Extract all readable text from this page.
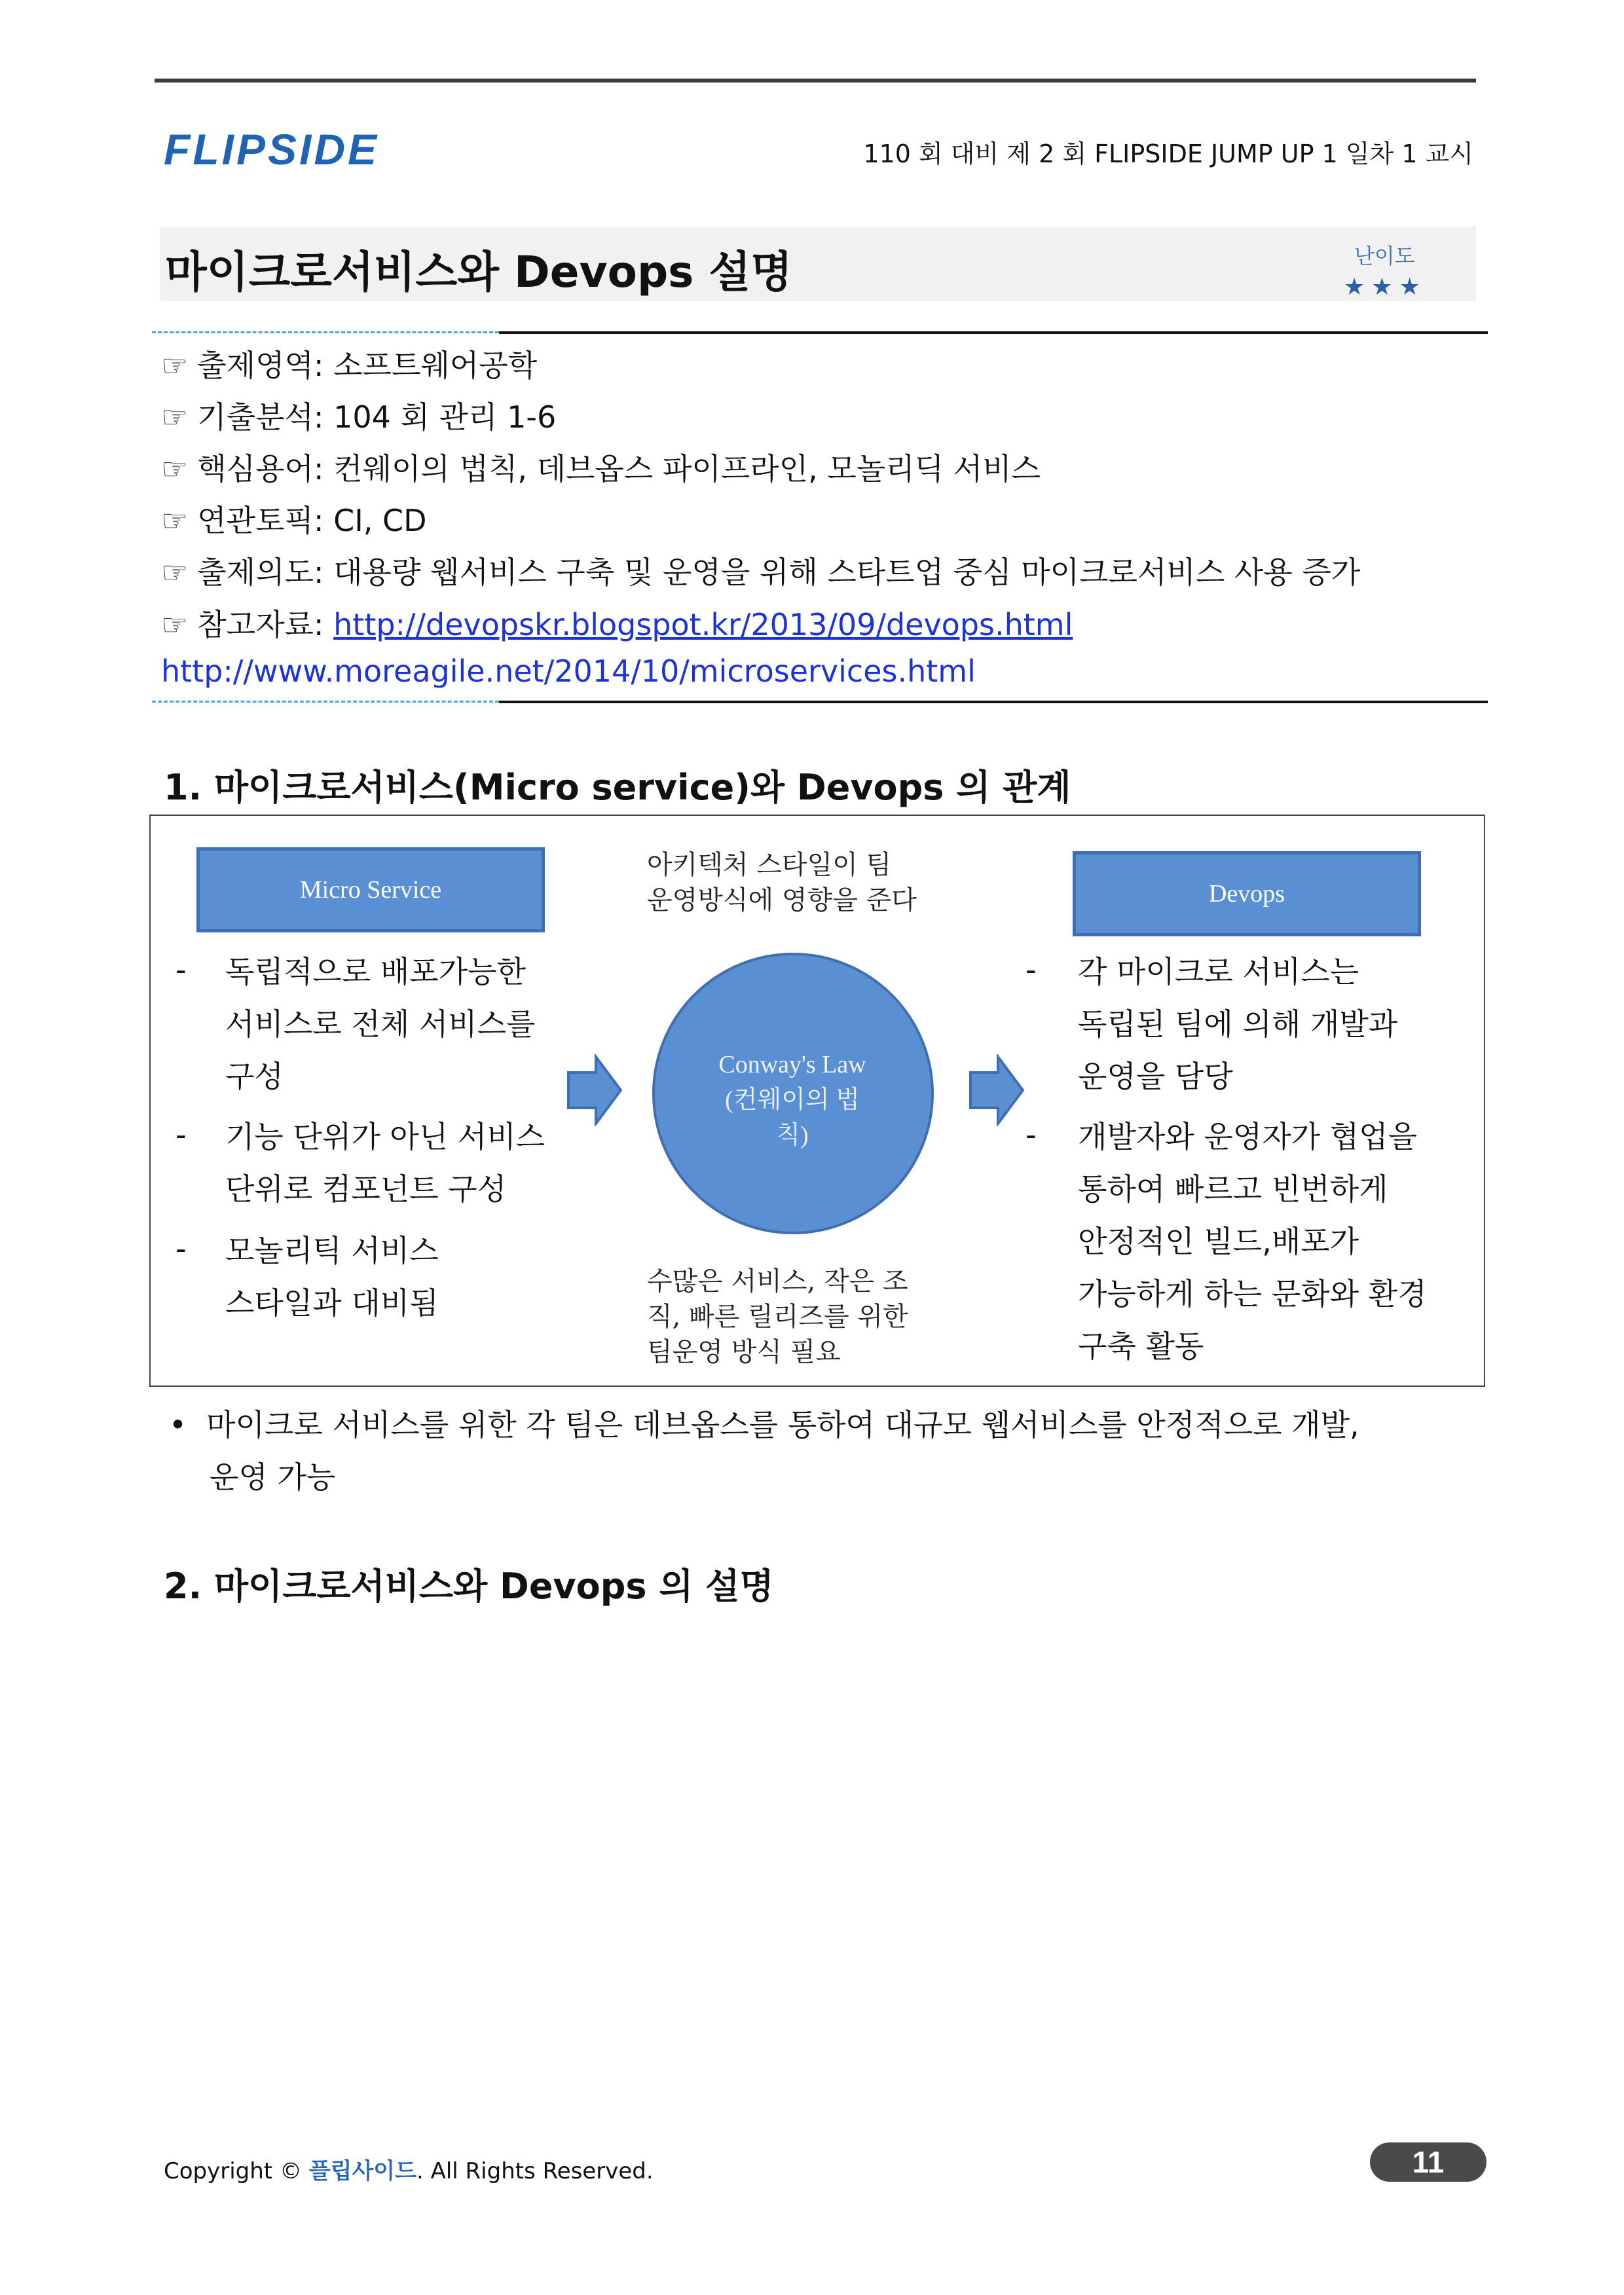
FLIPSIDE	110 회 대비 제 2 회 FLIPSIDE JUMP UP 1 일차 1 교시
마이크로서비스와 Devops 설명	난이도
★★★
☞ 출제영역: 소프트웨어공학
☞ 기출분석: 104 회 관리 1-6
☞ 핵심용어: 컨웨이의 법칙, 데브옵스 파이프라인, 모놀리딕 서비스
☞ 연관토픽: CI, CD
☞ 출제의도: 대용량 웹서비스 구축 및 운영을 위해 스타트업 중심 마이크로서비스 사용 증가
☞ 참고자료: http://devopskr.blogspot.kr/2013/09/devops.html
http://www.moreagile.net/2014/10/microservices.html
1. 마이크로서비스(Micro service)와 Devops 의 관계
Micro Service	Devops
아키텍처 스타일이 팀
운영방식에 영향을 준다
Conway's Law
(컨웨이의 법
칙)
수많은 서비스, 작은 조
직, 빠른 릴리즈를 위한
팀운영 방식 필요
- 독립적으로 배포가능한
서비스로 전체 서비스를
구성
- 기능 단위가 아닌 서비스
단위로 컴포넌트 구성
- 모놀리틱 서비스
스타일과 대비됨
- 각 마이크로 서비스는
독립된 팀에 의해 개발과
운영을 담당
- 개발자와 운영자가 협업을
통하여 빠르고 빈번하게
안정적인 빌드,배포가
가능하게 하는 문화와 환경
구축 활동
• 마이크로 서비스를 위한 각 팀은 데브옵스를 통하여 대규모 웹서비스를 안정적으로 개발,
운영 가능
2. 마이크로서비스와 Devops 의 설명
Copyright © 플립사이드. All Rights Reserved.	11
